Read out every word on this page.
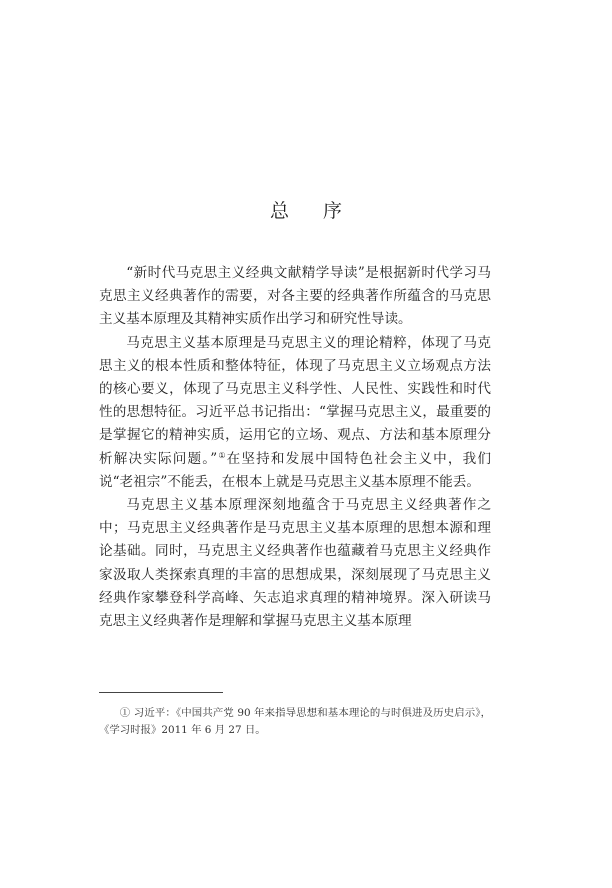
总 序

“新时代马克思主义经典文献精学导读”是根据新时代学习马克思主义经典著作的需要，对各主要的经典著作所蕴含的马克思主义基本原理及其精神实质作出学习和研究性导读。

马克思主义基本原理是马克思主义的理论精粹，体现了马克思主义的根本性质和整体特征，体现了马克思主义立场观点方法的核心要义，体现了马克思主义科学性、人民性、实践性和时代性的思想特征。习近平总书记指出：“掌握马克思主义，最重要的是掌握它的精神实质，运用它的立场、观点、方法和基本原理分析解决实际问题。”①在坚持和发展中国特色社会主义中，我们说“老祖宗”不能丢，在根本上就是马克思主义基本原理不能丢。

马克思主义基本原理深刻地蕴含于马克思主义经典著作之中；马克思主义经典著作是马克思主义基本原理的思想本源和理论基础。同时，马克思主义经典著作也蕴藏着马克思主义经典作家汲取人类探索真理的丰富的思想成果，深刻展现了马克思主义经典作家攀登科学高峰、矢志追求真理的精神境界。深入研读马克思主义经典著作是理解和掌握马克思主义基本原理

① 习近平：《中国共产党 90 年来指导思想和基本理论的与时俱进及历史启示》，《学习时报》2011 年 6 月 27 日。
